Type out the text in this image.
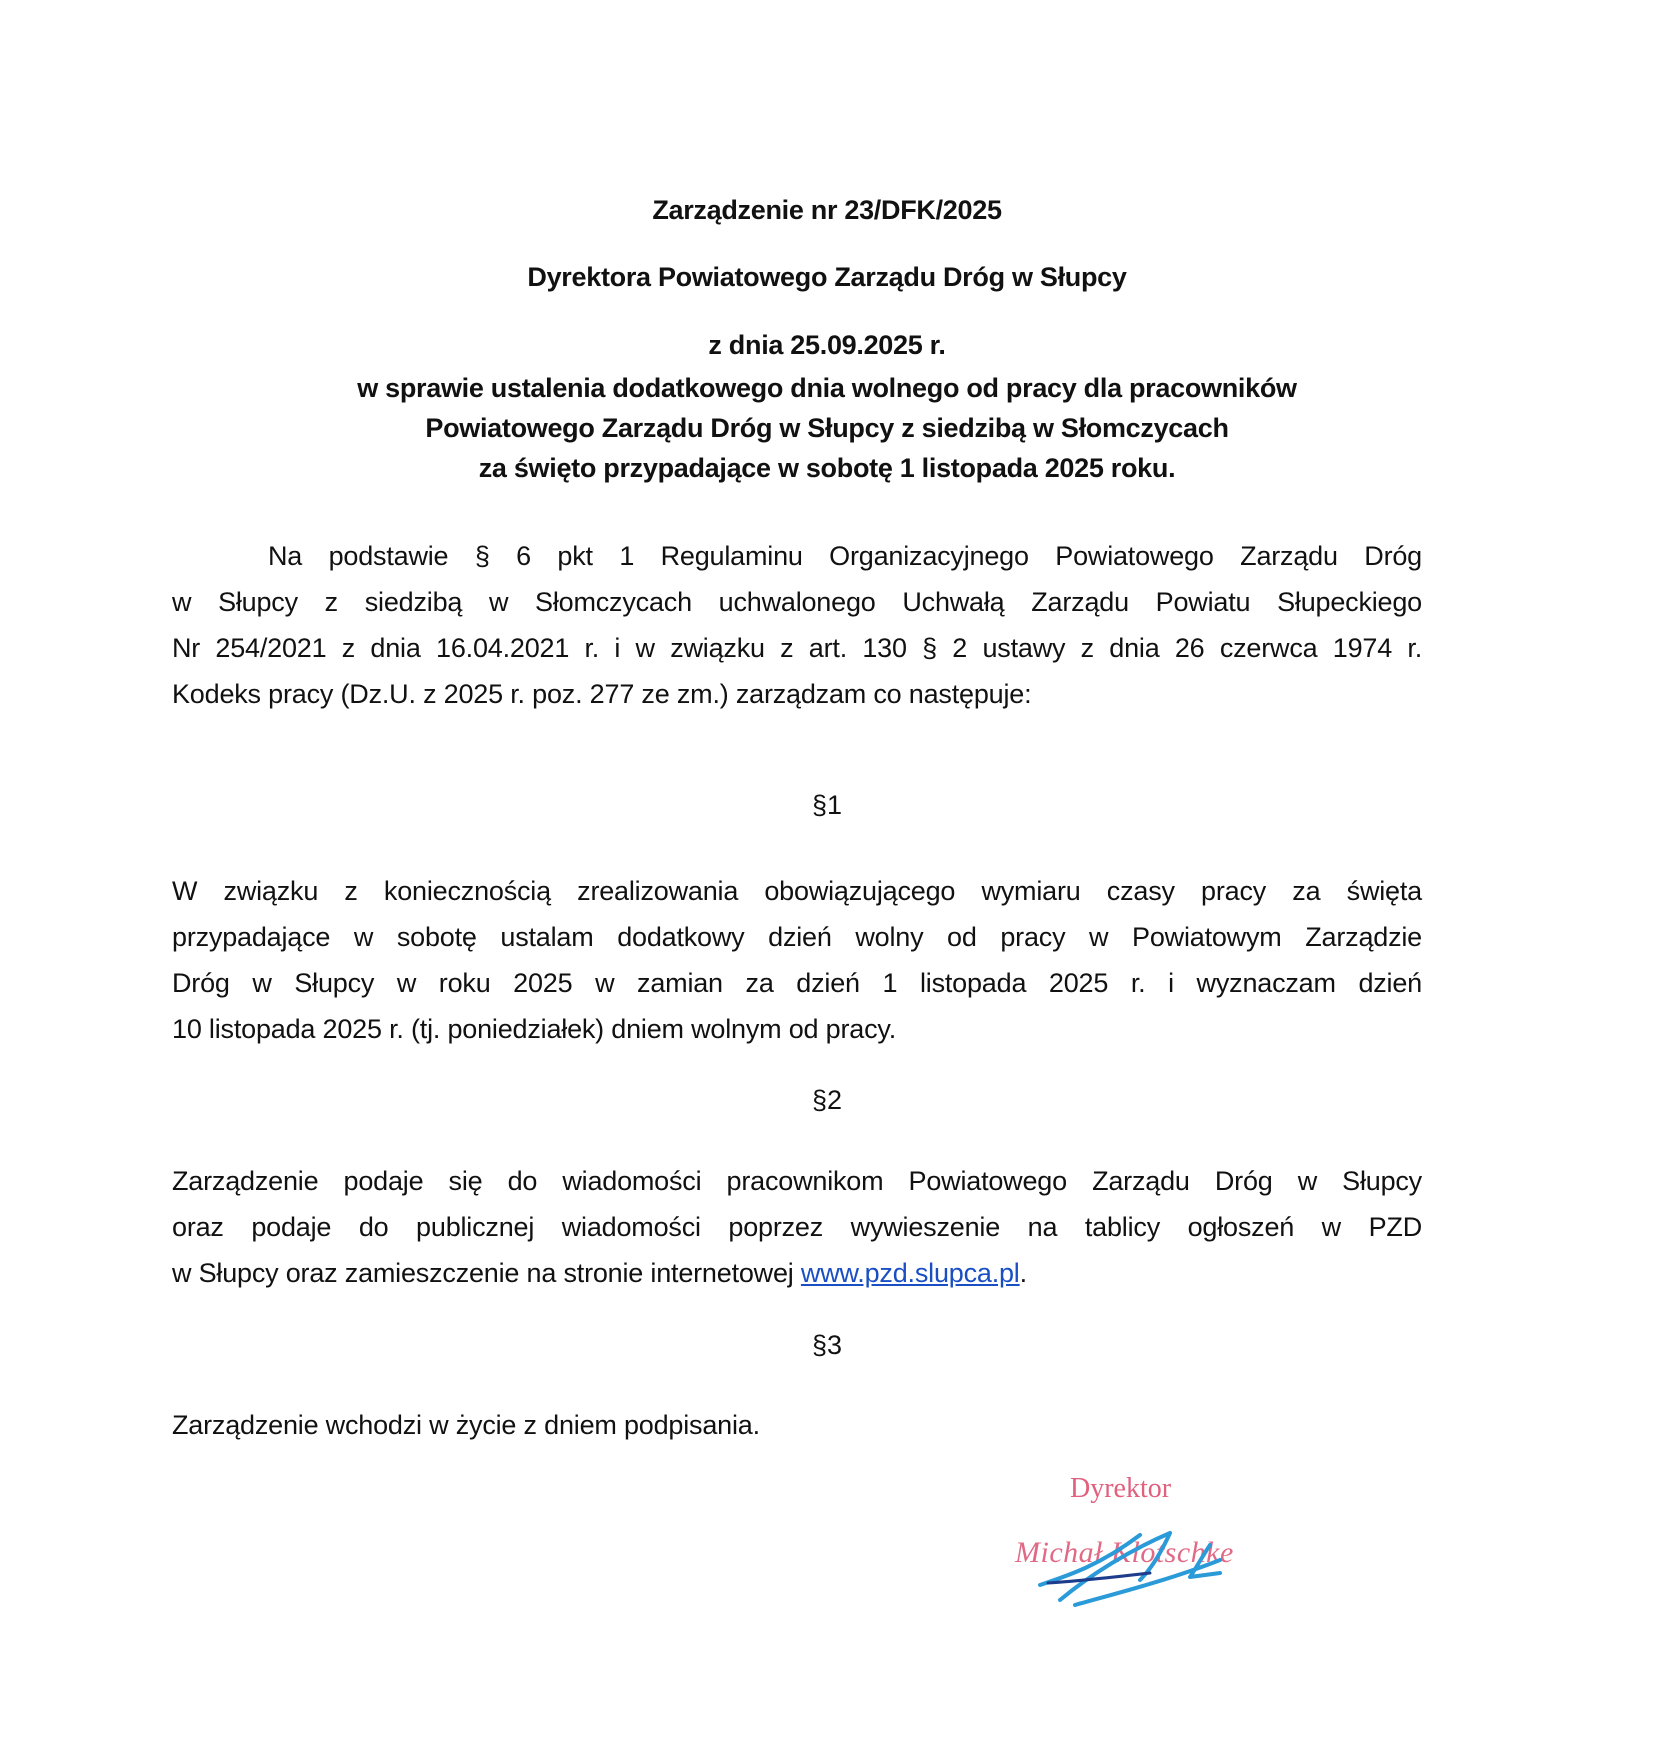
Zarządzenie nr 23/DFK/2025
Dyrektora Powiatowego Zarządu Dróg w Słupcy
z dnia 25.09.2025 r.
w sprawie ustalenia dodatkowego dnia wolnego od pracy dla pracowników
Powiatowego Zarządu Dróg w Słupcy z siedzibą w Słomczycach
za święto przypadające w sobotę 1 listopada 2025 roku.
Na podstawie § 6 pkt 1 Regulaminu Organizacyjnego Powiatowego Zarządu Dróg
w Słupcy z siedzibą w Słomczycach uchwalonego Uchwałą Zarządu Powiatu Słupeckiego
Nr 254/2021 z dnia 16.04.2021 r. i w związku z art. 130 § 2 ustawy z dnia 26 czerwca 1974 r.
Kodeks pracy (Dz.U. z 2025 r. poz. 277 ze zm.) zarządzam co następuje:
§1
W związku z koniecznością zrealizowania obowiązującego wymiaru czasy pracy za święta
przypadające w sobotę ustalam dodatkowy dzień wolny od pracy w Powiatowym Zarządzie
Dróg w Słupcy w roku 2025 w zamian za dzień 1 listopada 2025 r. i wyznaczam dzień
10 listopada 2025 r. (tj. poniedziałek) dniem wolnym od pracy.
§2
Zarządzenie podaje się do wiadomości pracownikom Powiatowego Zarządu Dróg w Słupcy
oraz podaje do publicznej wiadomości poprzez wywieszenie na tablicy ogłoszeń w PZD
w Słupcy oraz zamieszczenie na stronie internetowej www.pzd.slupca.pl.
§3
Zarządzenie wchodzi w życie z dniem podpisania.
Dyrektor
Michał Klotschke
